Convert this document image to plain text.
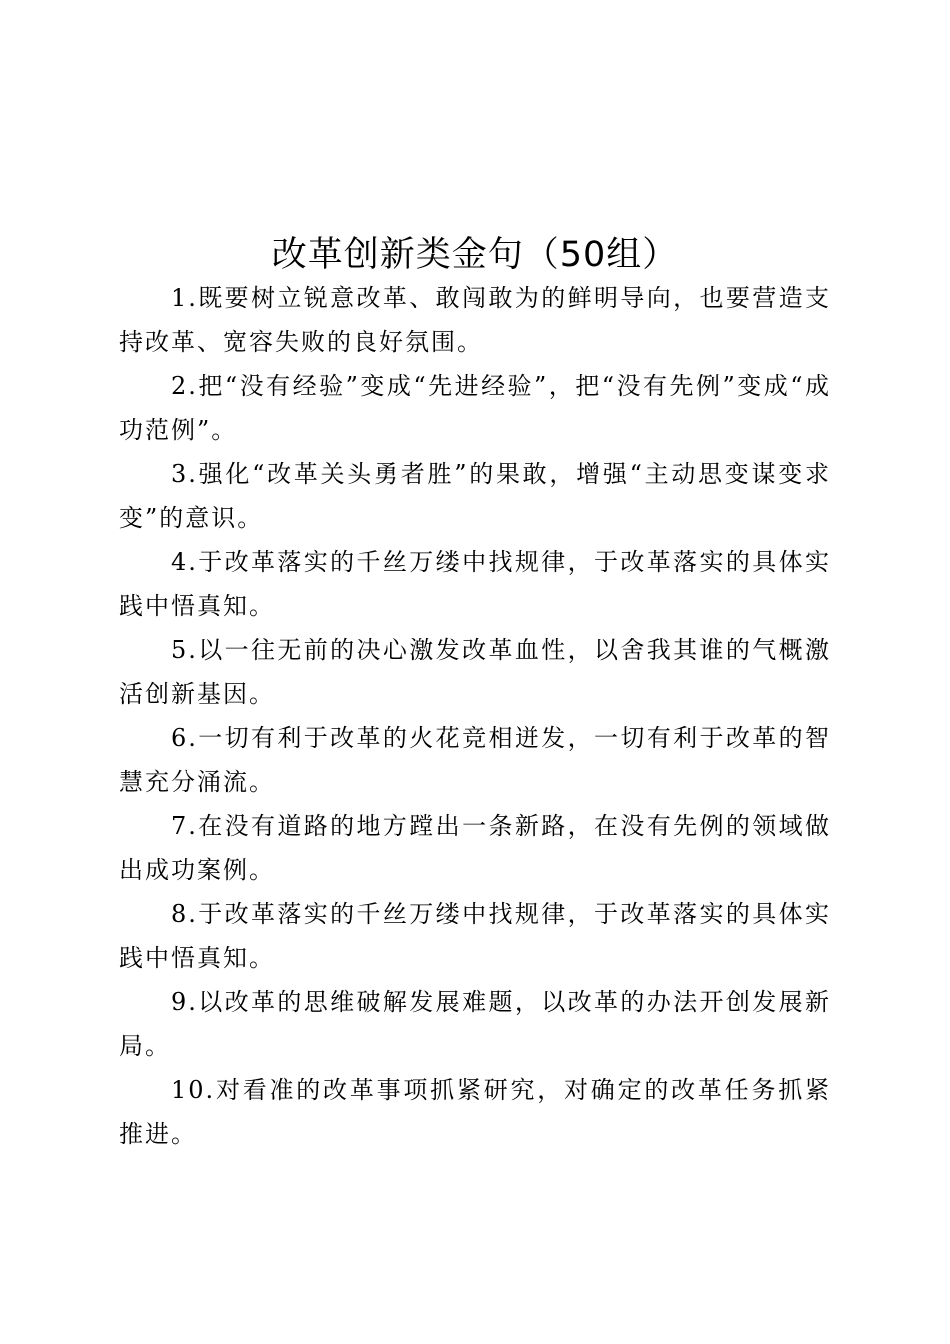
改革创新类金句（50组）

1.既要树立锐意改革、敢闯敢为的鲜明导向，也要营造支持改革、宽容失败的良好氛围。

2.把“没有经验”变成“先进经验”，把“没有先例”变成“成功范例”。

3.强化“改革关头勇者胜”的果敢，增强“主动思变谋变求变”的意识。

4.于改革落实的千丝万缕中找规律，于改革落实的具体实践中悟真知。

5.以一往无前的决心激发改革血性，以舍我其谁的气概激活创新基因。

6.一切有利于改革的火花竞相迸发，一切有利于改革的智慧充分涌流。

7.在没有道路的地方蹚出一条新路，在没有先例的领域做出成功案例。

8.于改革落实的千丝万缕中找规律，于改革落实的具体实践中悟真知。

9.以改革的思维破解发展难题，以改革的办法开创发展新局。

10.对看准的改革事项抓紧研究，对确定的改革任务抓紧推进。
